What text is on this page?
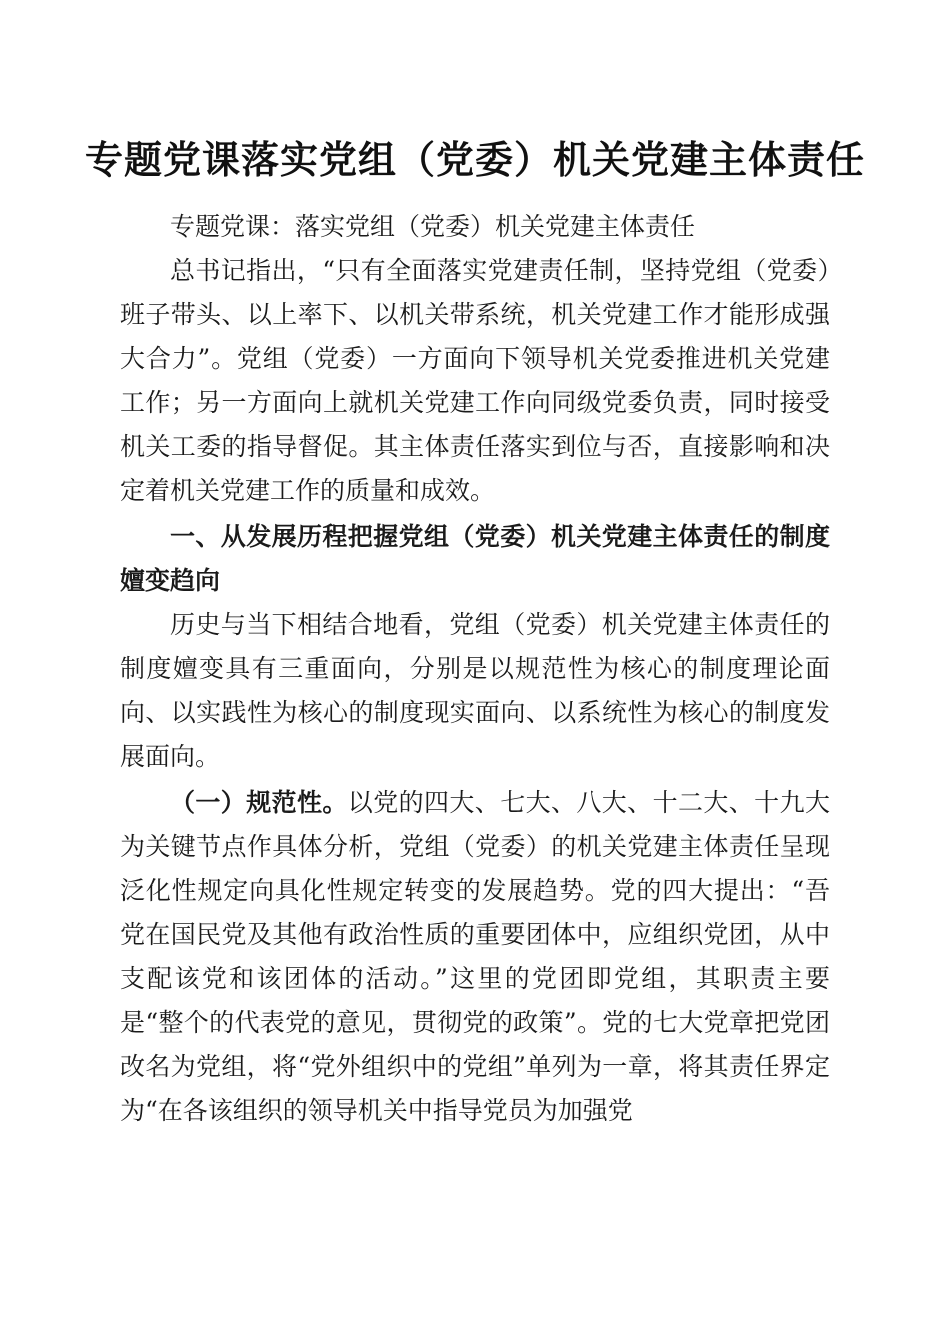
专题党课落实党组（党委）机关党建主体责任

专题党课：落实党组（党委）机关党建主体责任

总书记指出，“只有全面落实党建责任制，坚持党组（党委）班子带头、以上率下、以机关带系统，机关党建工作才能形成强大合力”。党组（党委）一方面向下领导机关党委推进机关党建工作；另一方面向上就机关党建工作向同级党委负责，同时接受机关工委的指导督促。其主体责任落实到位与否，直接影响和决定着机关党建工作的质量和成效。

一、从发展历程把握党组（党委）机关党建主体责任的制度嬗变趋向

历史与当下相结合地看，党组（党委）机关党建主体责任的制度嬗变具有三重面向，分别是以规范性为核心的制度理论面向、以实践性为核心的制度现实面向、以系统性为核心的制度发展面向。

（一）规范性。以党的四大、七大、八大、十二大、十九大为关键节点作具体分析，党组（党委）的机关党建主体责任呈现泛化性规定向具化性规定转变的发展趋势。党的四大提出：“吾党在国民党及其他有政治性质的重要团体中，应组织党团，从中支配该党和该团体的活动。”这里的党团即党组，其职责主要是“整个的代表党的意见，贯彻党的政策”。党的七大党章把党团改名为党组，将“党外组织中的党组”单列为一章，将其责任界定为“在各该组织的领导机关中指导党员为加强党
